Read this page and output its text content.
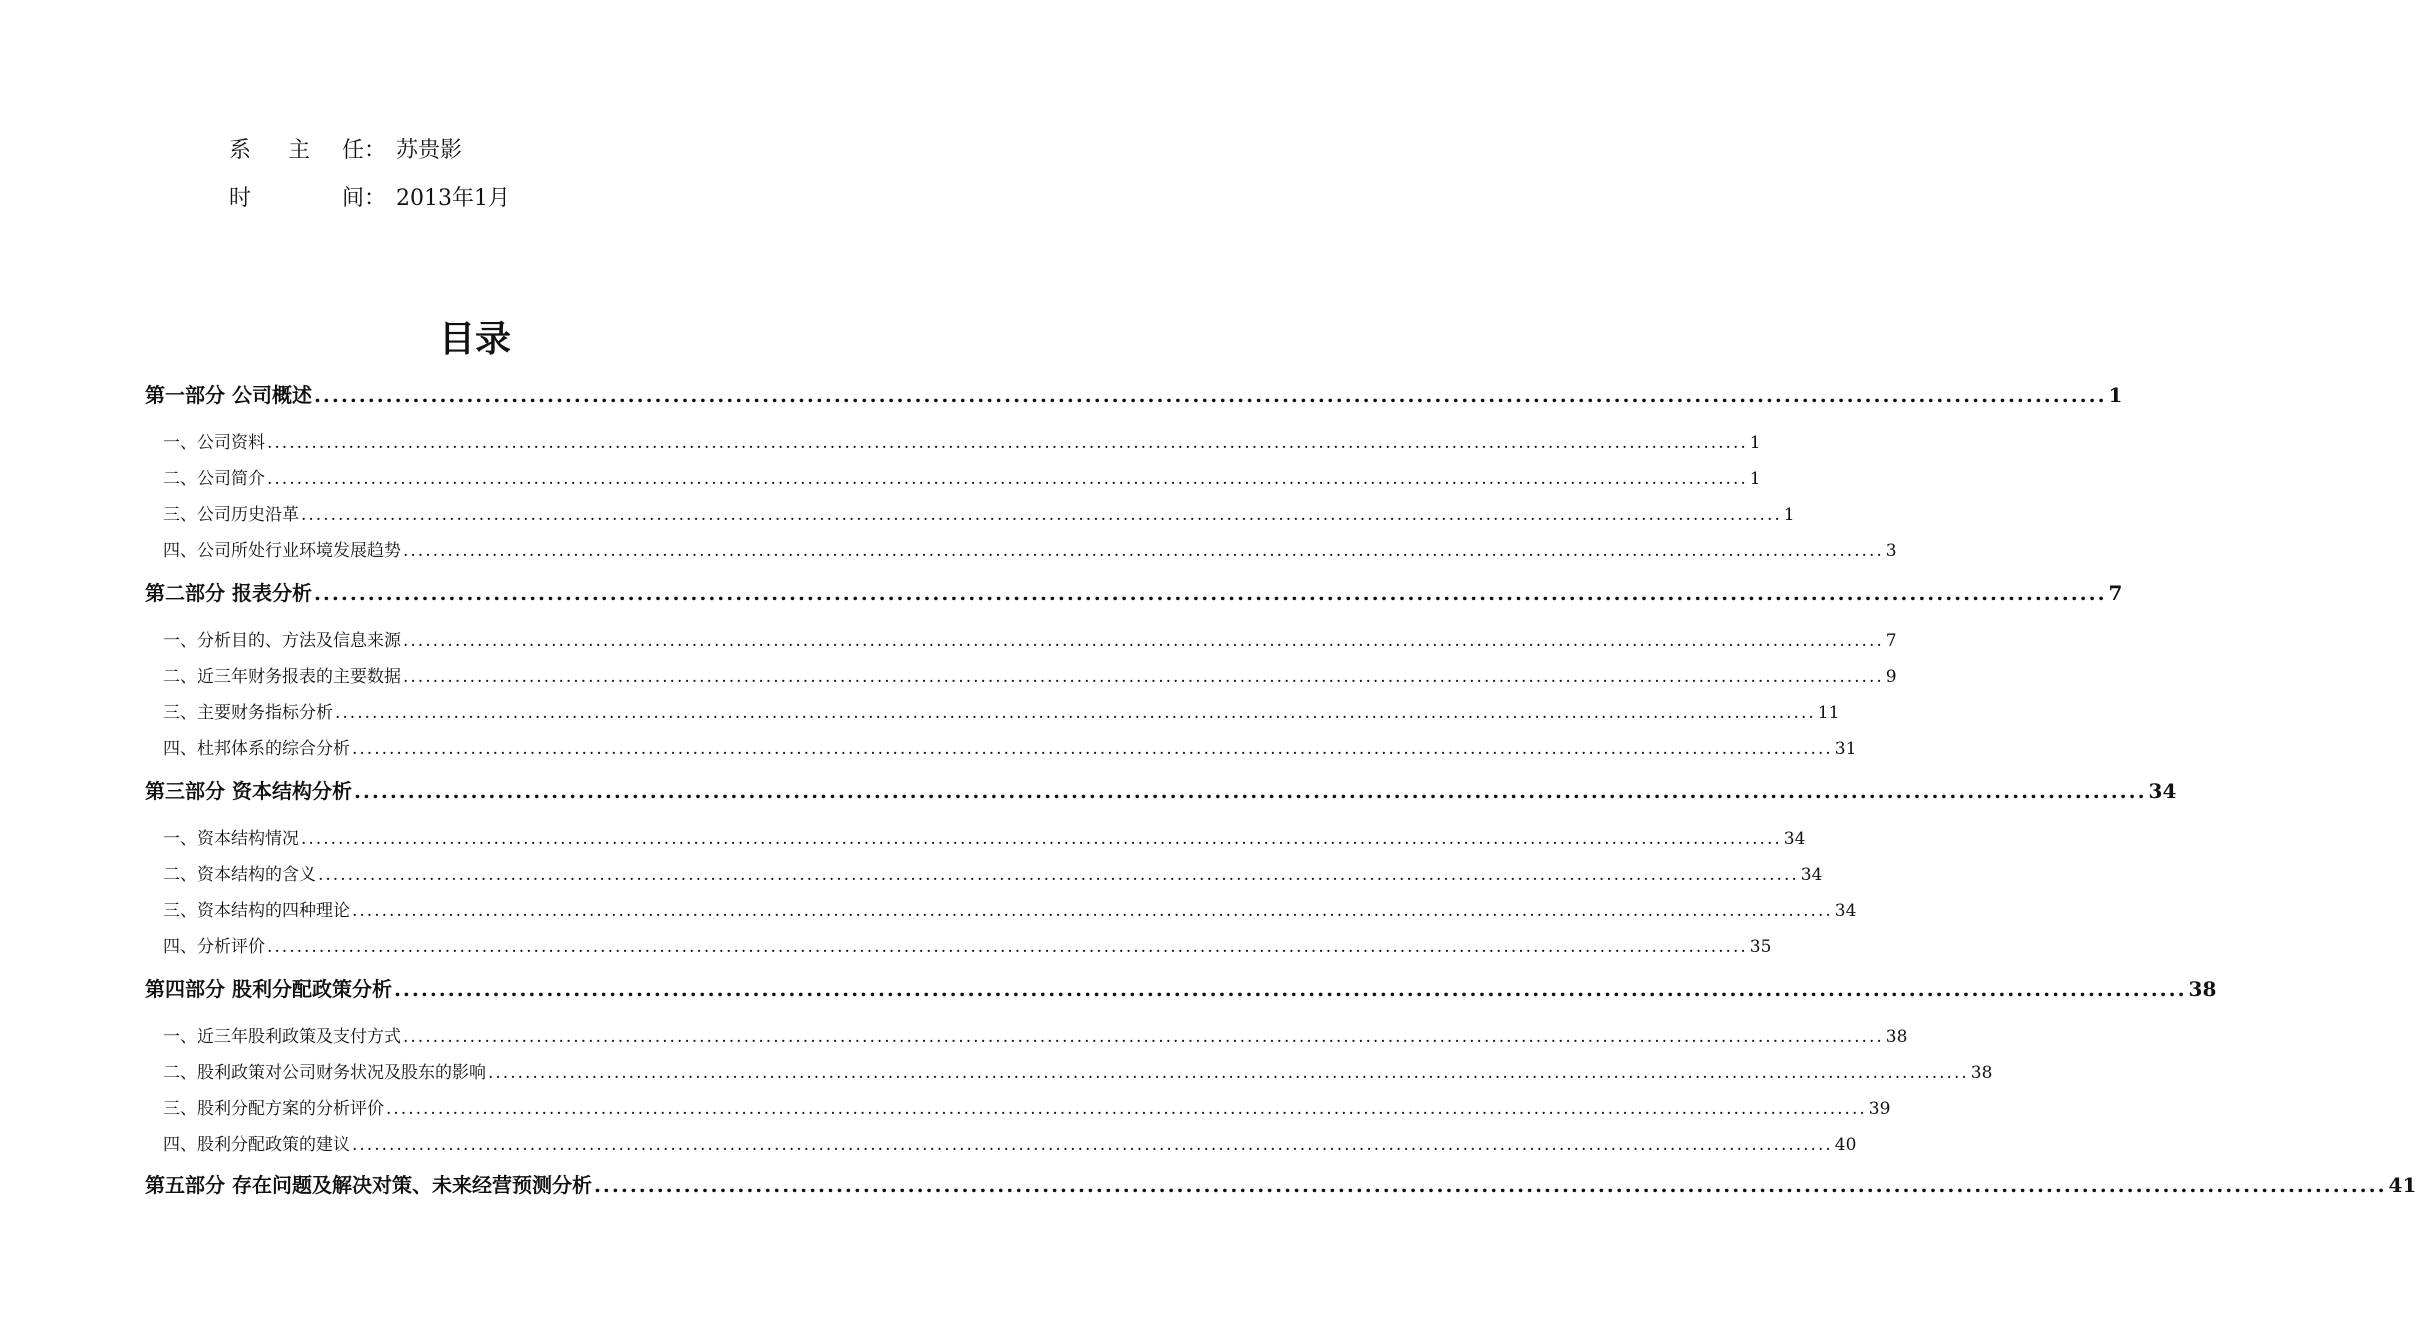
系 主 任： 苏贵影
时	间： 2013年1月
目录
第一部分 公司概述 ........................................................................................................................................................................................................ 1
一、公司资料 ........................................................................................................................................................................................................ 1
二、公司简介 ........................................................................................................................................................................................................ 1
三、公司历史沿革 ........................................................................................................................................................................................................ 1
四、公司所处行业环境发展趋势 ........................................................................................................................................................................................................ 3
第二部分 报表分析 ........................................................................................................................................................................................................ 7
一、分析目的、方法及信息来源 ........................................................................................................................................................................................................ 7
二、近三年财务报表的主要数据 ........................................................................................................................................................................................................ 9
三、主要财务指标分析 ........................................................................................................................................................................................................ 11
四、杜邦体系的综合分析 ........................................................................................................................................................................................................ 31
第三部分 资本结构分析 ........................................................................................................................................................................................................ 34
一、资本结构情况 ........................................................................................................................................................................................................ 34
二、资本结构的含义 ........................................................................................................................................................................................................ 34
三、资本结构的四种理论 ........................................................................................................................................................................................................ 34
四、分析评价 ........................................................................................................................................................................................................ 35
第四部分 股利分配政策分析 ........................................................................................................................................................................................................ 38
一、近三年股利政策及支付方式 ........................................................................................................................................................................................................ 38
二、股利政策对公司财务状况及股东的影响 ........................................................................................................................................................................................................ 38
三、股利分配方案的分析评价 ........................................................................................................................................................................................................ 39
四、股利分配政策的建议 ........................................................................................................................................................................................................ 40
第五部分 存在问题及解决对策、未来经营预测分析 ........................................................................................................................................................................................................ 41
